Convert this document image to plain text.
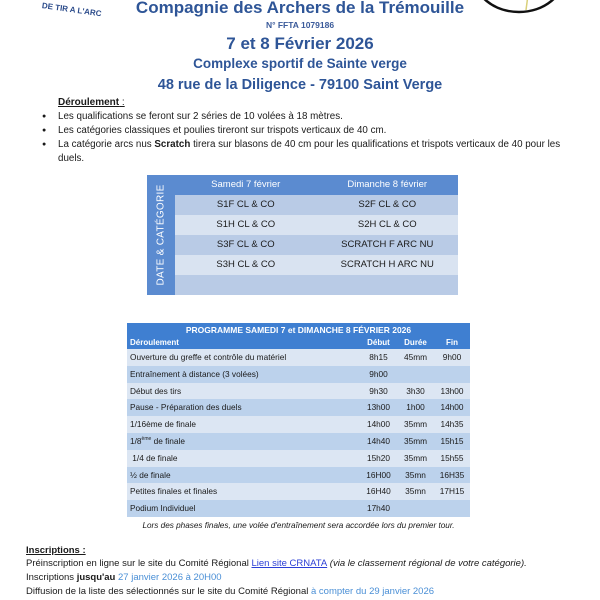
DE TIR A L'ARC	Compagnie des Archers de la Trémouille
N° FFTA 1079186
7 et 8 Février 2026
Complexe sportif de Sainte verge
48 rue de la Diligence - 79100 Saint Verge
Déroulement :
● Les qualifications se feront sur 2 séries de 10 volées à 18 mètres.
● Les catégories classiques et poulies tireront sur trispots verticaux de 40 cm.
● La catégorie arcs nus Scratch tirera sur blasons de 40 cm pour les qualifications et trispots verticaux de 40 pour les duels.
DATE & CATÉGORIE	Samedi 7 février	Dimanche 8 février
S1F CL & CO	S2F CL & CO
S1H CL & CO	S2H CL & CO
S3F CL & CO	SCRATCH F ARC NU
S3H CL & CO	SCRATCH H ARC NU
PROGRAMME SAMEDI 7 et DIMANCHE 8 FÉVRIER 2026
Déroulement	Début	Durée	Fin
Ouverture du greffe et contrôle du matériel	8h15	45mm	9h00
Entraînement à distance (3 volées)	9h00
Début des tirs	9h30	3h30	13h00
Pause - Préparation des duels	13h00	1h00	14h00
1/16ème de finale	14h00	35mm	14h35
1/8ème de finale	14h40	35mm	15h15
1/4 de finale	15h20	35mm	15h55
½ de finale	16H00	35mn	16H35
Petites finales et finales	16H40	35mn	17H15
Podium Individuel	17h40
Lors des phases finales, une volée d'entraînement sera accordée lors du premier tour.
Inscriptions :
Préinscription en ligne sur le site du Comité Régional Lien site CRNATA (via le classement régional de votre catégorie).
Inscriptions jusqu'au 27 janvier 2026 à 20H00
Diffusion de la liste des sélectionnés sur le site du Comité Régional à compter du 29 janvier 2026
